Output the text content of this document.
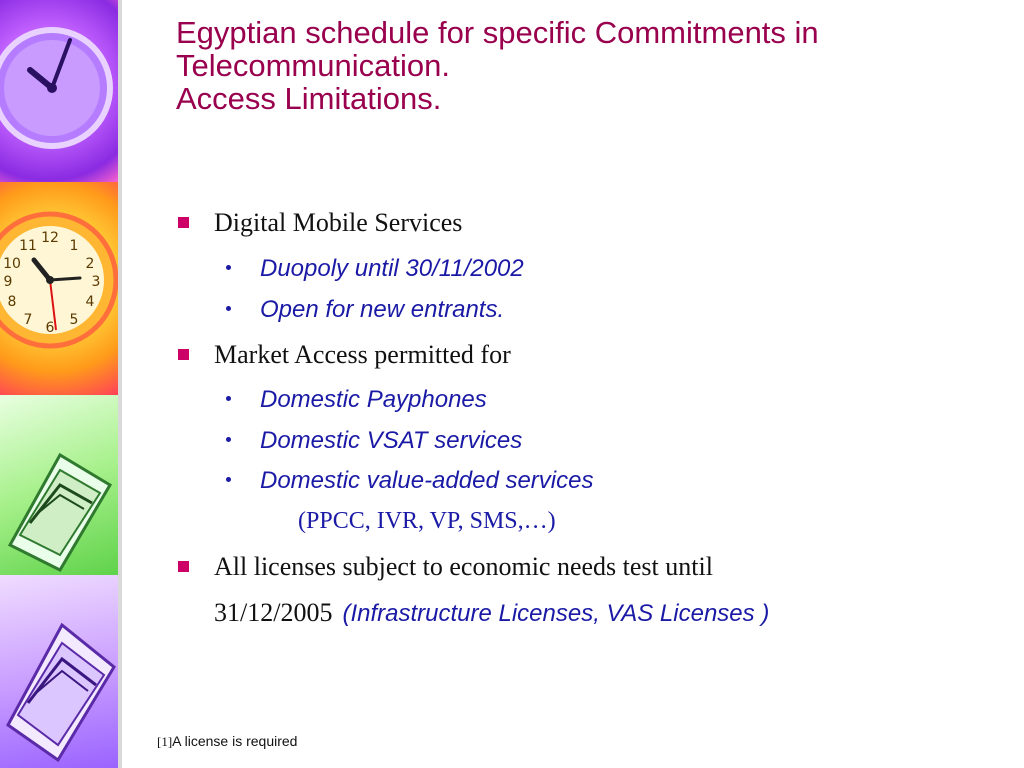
12 1
2
3
4
5
6
7
8
9
10
11
Egyptian schedule for specific Commitments in
Telecommunication.
Access Limitations.
Digital Mobile Services
Duopoly until 30/11/2002
Open for new entrants.
Market Access permitted for
Domestic Payphones
Domestic VSAT services
Domestic value-added services
(PPCC, IVR, VP, SMS,…)
All licenses subject to economic needs test until
31/12/2005 (Infrastructure Licenses, VAS Licenses )
[1]A license is required
